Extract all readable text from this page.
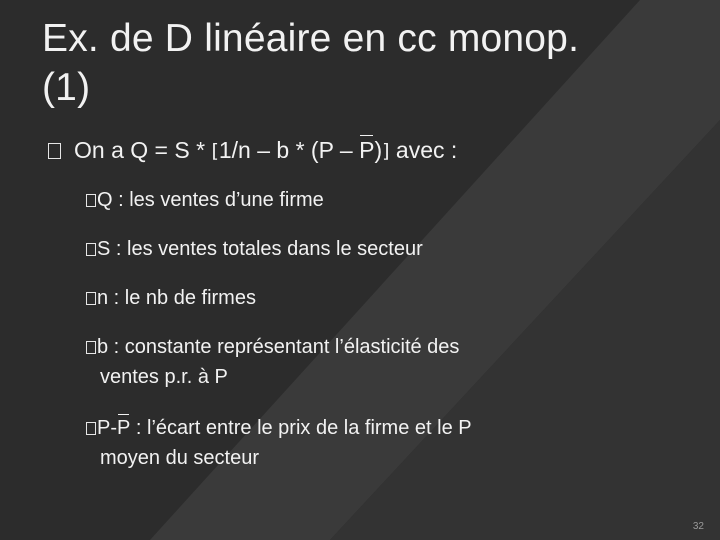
Ex. de D linéaire en cc monop.
(1)
On a Q = S * [1/n – b * (P – P)] avec :
Q : les ventes d’une firme
S : les ventes totales dans le secteur
n : le nb de firmes
b : constante représentant l’élasticité des
ventes p.r. à P
P-P : l’écart entre le prix de la firme et le P
moyen du secteur
32
